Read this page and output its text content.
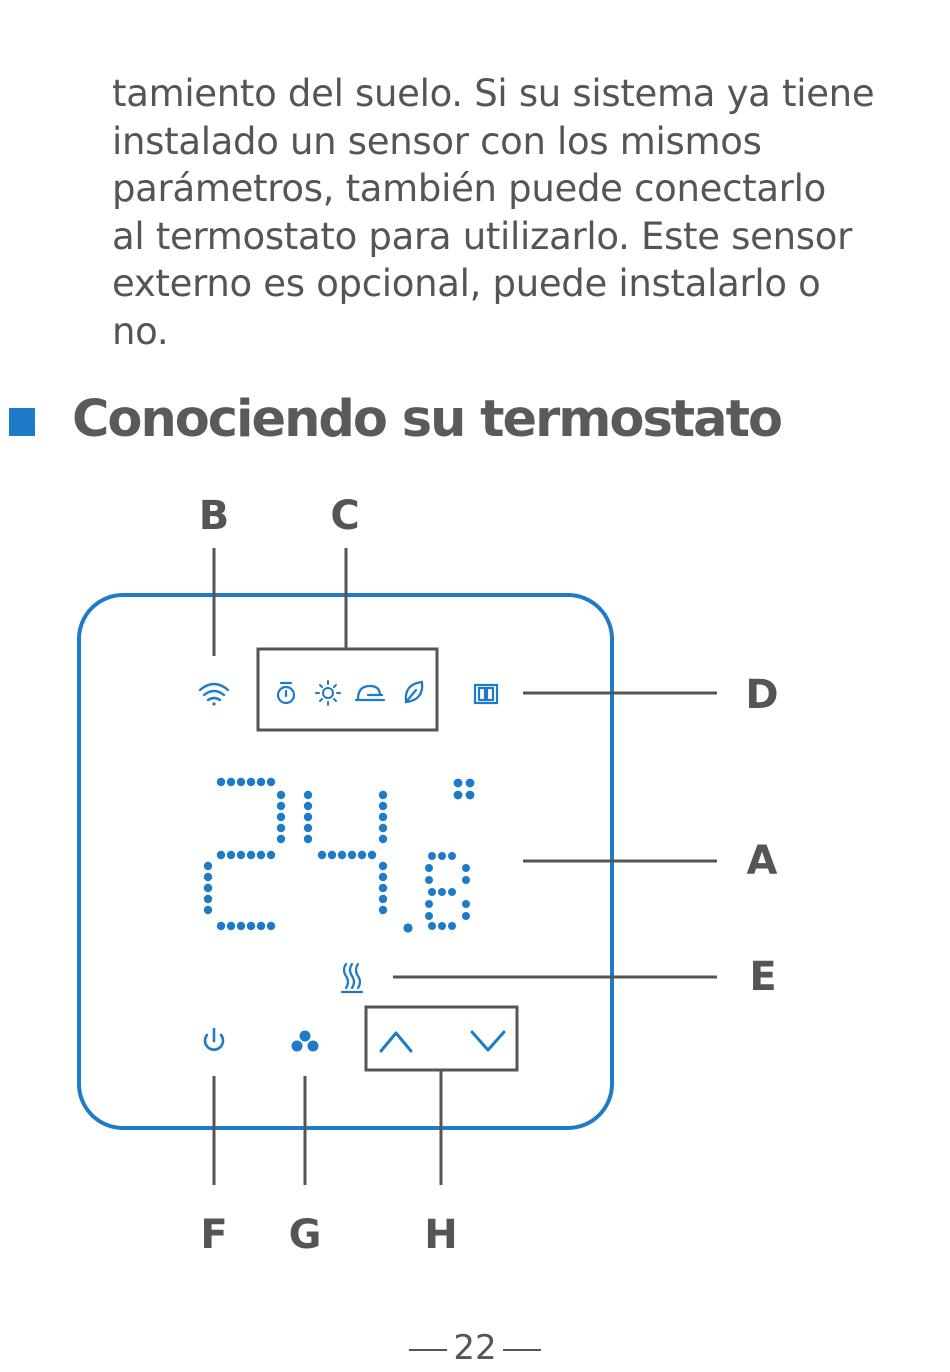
tamiento del suelo. Si su sistema ya tiene

instalado un sensor con los mismos

parámetros, también puede conectarlo

al termostato para utilizarlo. Este sensor

externo es opcional, puede instalarlo o

no.

Conociendo su termostato
B	C
D
A
E
F G	H
22
